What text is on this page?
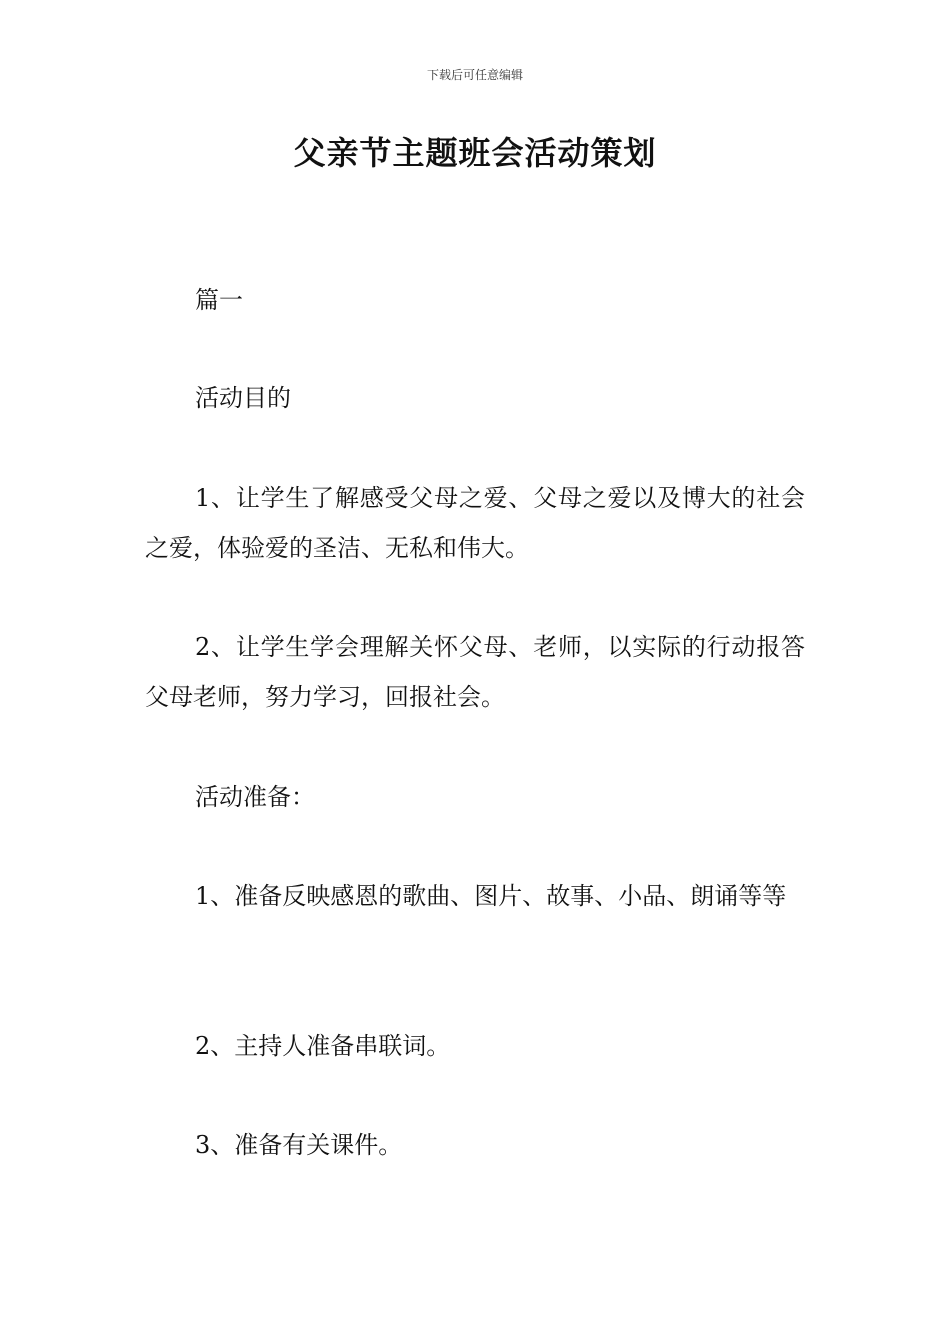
下载后可任意编辑
父亲节主题班会活动策划

篇一

活动目的

1、让学生了解感受父母之爱、父母之爱以及博大的社会之爱，体验爱的圣洁、无私和伟大。

2、让学生学会理解关怀父母、老师，以实际的行动报答父母老师，努力学习，回报社会。

活动准备：

1、准备反映感恩的歌曲、图片、故事、小品、朗诵等等

2、主持人准备串联词。

3、准备有关课件。
